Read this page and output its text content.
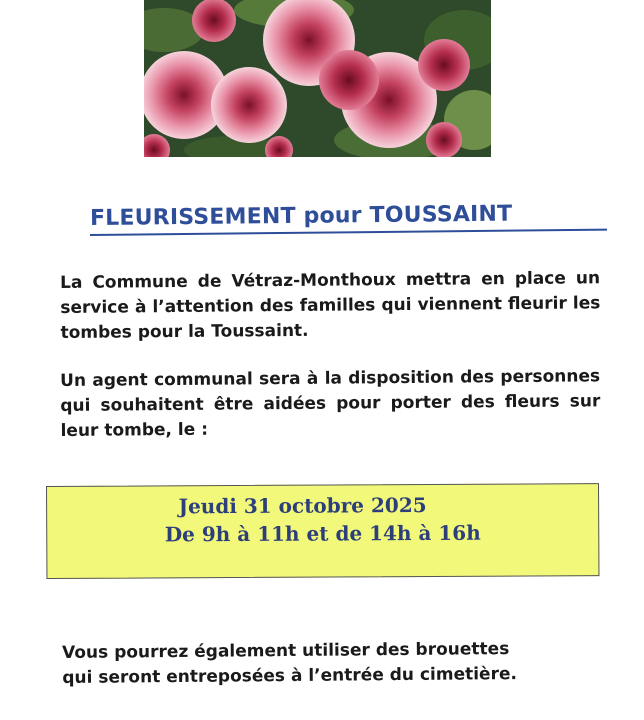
FLEURISSEMENT pour TOUSSAINT
La Commune de Vétraz-Monthoux mettra en place un service à l’attention des familles qui viennent fleurir les tombes pour la Toussaint.
Un agent communal sera à la disposition des personnes qui souhaitent être aidées pour porter des fleurs sur leur tombe, le :
Jeudi 31 octobre 2025
De 9h à 11h et de 14h à 16h
Vous pourrez également utiliser des brouettes
qui seront entreposées à l’entrée du cimetière.
